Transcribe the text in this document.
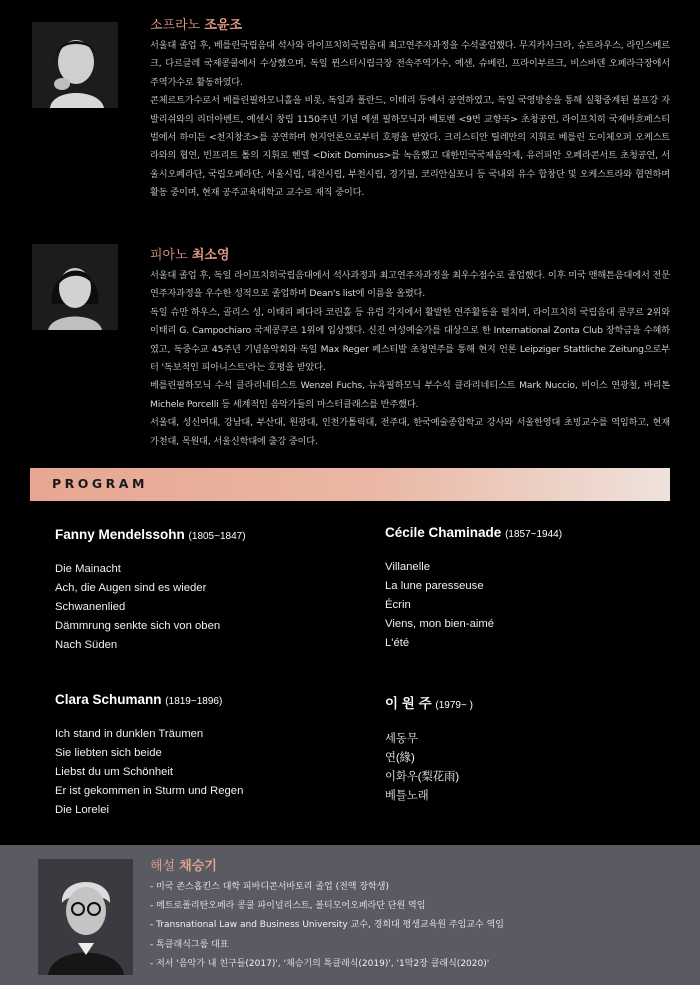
소프라노 조윤조

서울대 졸업 후, 베를린국립음대 석사와 라이프치히국립음대 최고연주자과정을 수석졸업했다. 무지카사크라, 슈트라우스, 라인스베르크, 다르글레 국제콩쿨에서 수상했으며, 독일 뮌스터시립극장 전속주역가수, 예센, 슈베린, 프라이부르크, 비스바덴 오페라극장에서 주역가수로 활동하였다.

콘체르트가수로서 베를린필하모니홀을 비롯, 독일과 폴란드, 이태리 등에서 공연하였고, 독일 국영방송을 통해 실황중계된 볼프강 자발리쉬와의 리더아벤트, 예센시 창립 1150주년 기념 예센 필하모닉과 베토벤 <9번 교향곡> 초청공연, 라이프치히 국제바흐페스티벌에서 하이든 <천지창조>를 공연하며 현지언론으로부터 호평을 받았다. 크리스티안 틸레만의 지휘로 베를린 도이체오퍼 오케스트라와의 협연, 빈프리트 톨의 지휘로 헨델 <Dixit Dominus>를 녹음했고 대한민국국제음악제, 유러피안 오페라콘서트 초청공연, 서울시오페라단, 국립오페라단, 서울시립, 대전시립, 부천시립, 경기필, 코리안심포니 등 국내외 유수 합창단 및 오케스트라와 협연하며 활동 중이며, 현재 공주교육대학교 교수로 재직 중이다.

피아노 최소영

서울대 졸업 후, 독일 라이프치히국립음대에서 석사과정과 최고연주자과정을 최우수점수로 졸업했다. 이후 미국 맨해튼음대에서 전문연주자과정을 우수한 성적으로 졸업하며 Dean's list에 이름을 올렸다.

독일 슈만 하우스, 골리스 성, 이태리 페다라 코린홀 등 유럽 각지에서 활발한 연주활동을 펼치며, 라이프치히 국립음대 콩쿠르 2위와 이태리 G. Campochiaro 국제콩쿠르 1위에 입상했다. 신진 여성예술가를 대상으로 한 International Zonta Club 장학금을 수혜하였고, 독중수교 45주년 기념음악회와 독일 Max Reger 페스티발 초청연주를 통해 현지 언론 Leipziger Stattliche Zeitung으로부터 '독보적인 피아니스트'라는 호평을 받았다.

베를린필하모닉 수석 클라리네티스트 Wenzel Fuchs, 뉴욕필하모닉 부수석 클라리네티스트 Mark Nuccio, 비이스 연광철, 바리톤 Michele Porcelli 등 세계적인 음악가들의 마스터클래스를 반주했다.

서울대, 성신여대, 강남대, 부산대, 원광대, 인천가톨릭대, 전주대, 한국예술종합학교 강사와 서울한영대 초빙교수를 역임하고, 현재 가천대, 목원대, 서울신학대에 출강 중이다.

PROGRAM
Fanny Mendelssohn (1805~1847)
Die Mainacht
Ach, die Augen sind es wieder
Schwanenlied
Dämmrung senkte sich von oben
Nach Süden
Cécile Chaminade (1857~1944)
Villanelle
La lune paresseuse
Écrin
Viens, mon bien-aimé
L'été
Clara Schumann (1819~1896)
Ich stand in dunklen Träumen
Sie liebten sich beide
Liebst du um Schönheit
Er ist gekommen in Sturm und Regen
Die Lorelei
이 원 주 (1979~ )
세동무
연(緣)
이화우(梨花雨)
베틀노래
해설 채승기
- 미국 존스홉킨스 대학 피바디콘서바토리 졸업 (전액 장학생)
- 메트로폴리탄오페라 콩쿨 파이널리스트, 볼티모어오페라단 단원 역임
- Transnational Law and Business University 교수, 경희대 평생교육원 주임교수 역임
- 톡클래식그룹 대표
- 저서 '음악가 내 친구들(2017)', '채승기의 톡클래식(2019)', '1막2장 클래식(2020)'
